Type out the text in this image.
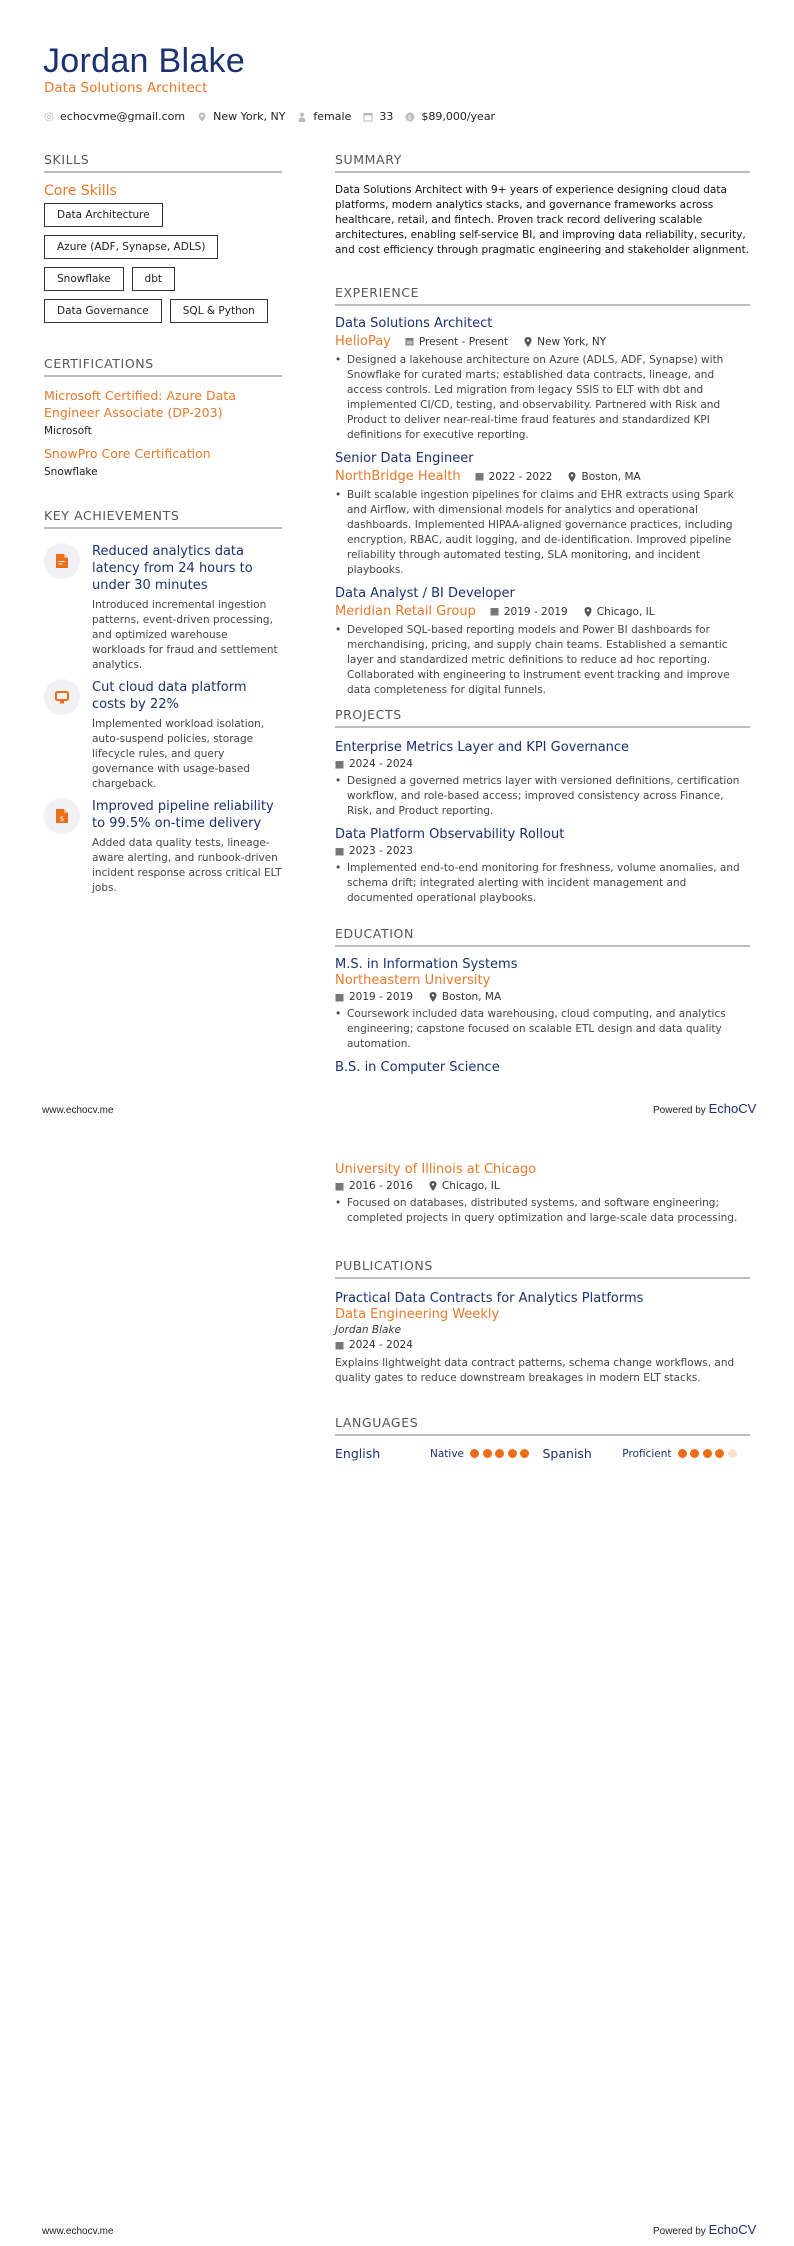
Jordan Blake
Data Solutions Architect
echocvme@gmail.com	New York, NY	female	33 $ $89,000/year
SKILLS
Core Skills
Data Architecture
Azure (ADF, Synapse, ADLS)
Snowflake	dbt
Data Governance	SQL & Python
CERTIFICATIONS
Microsoft Certified: Azure Data Engineer Associate (DP-203)
Microsoft
SnowPro Core Certification
Snowflake
KEY ACHIEVEMENTS
Reduced analytics data latency from 24 hours to under 30 minutes
Introduced incremental ingestion patterns, event-driven processing, and optimized warehouse workloads for fraud and settlement analytics.
Cut cloud data platform costs by 22%
Implemented workload isolation, auto-suspend policies, storage lifecycle rules, and query governance with usage-based chargeback.
$
Improved pipeline reliability to 99.5% on-time delivery
Added data quality tests, lineage-aware alerting, and runbook-driven incident response across critical ELT jobs.
SUMMARY
Data Solutions Architect with 9+ years of experience designing cloud data platforms, modern analytics stacks, and governance frameworks across healthcare, retail, and fintech. Proven track record delivering scalable architectures, enabling self-service BI, and improving data reliability, security, and cost efficiency through pragmatic engineering and stakeholder alignment.
EXPERIENCE
Data Solutions Architect
HelioPay	Present - Present	New York, NY
• Designed a lakehouse architecture on Azure (ADLS, ADF, Synapse) with Snowflake for curated marts; established data contracts, lineage, and access controls. Led migration from legacy SSIS to ELT with dbt and implemented CI/CD, testing, and observability. Partnered with Risk and Product to deliver near-real-time fraud features and standardized KPI definitions for executive reporting.
Senior Data Engineer
NorthBridge Health	2022 - 2022	Boston, MA
• Built scalable ingestion pipelines for claims and EHR extracts using Spark and Airflow, with dimensional models for analytics and operational dashboards. Implemented HIPAA-aligned governance practices, including encryption, RBAC, audit logging, and de-identification. Improved pipeline reliability through automated testing, SLA monitoring, and incident playbooks.
Data Analyst / BI Developer
Meridian Retail Group	2019 - 2019	Chicago, IL
• Developed SQL-based reporting models and Power BI dashboards for merchandising, pricing, and supply chain teams. Established a semantic layer and standardized metric definitions to reduce ad hoc reporting. Collaborated with engineering to instrument event tracking and improve data completeness for digital funnels.
PROJECTS
Enterprise Metrics Layer and KPI Governance
2024 - 2024
• Designed a governed metrics layer with versioned definitions, certification workflow, and role-based access; improved consistency across Finance, Risk, and Product reporting.
Data Platform Observability Rollout
2023 - 2023
• Implemented end-to-end monitoring for freshness, volume anomalies, and schema drift; integrated alerting with incident management and documented operational playbooks.
EDUCATION
M.S. in Information Systems
Northeastern University
2019 - 2019	Boston, MA
• Coursework included data warehousing, cloud computing, and analytics engineering; capstone focused on scalable ETL design and data quality automation.
B.S. in Computer Science
www.echocv.me	Powered by EchoCV
University of Illinois at Chicago
2016 - 2016	Chicago, IL
• Focused on databases, distributed systems, and software engineering; completed projects in query optimization and large-scale data processing.
PUBLICATIONS
Practical Data Contracts for Analytics Platforms
Data Engineering Weekly
Jordan Blake
2024 - 2024
Explains lightweight data contract patterns, schema change workflows, and quality gates to reduce downstream breakages in modern ELT stacks.
LANGUAGES
English	Native	Spanish	Proficient
www.echocv.me	Powered by EchoCV
